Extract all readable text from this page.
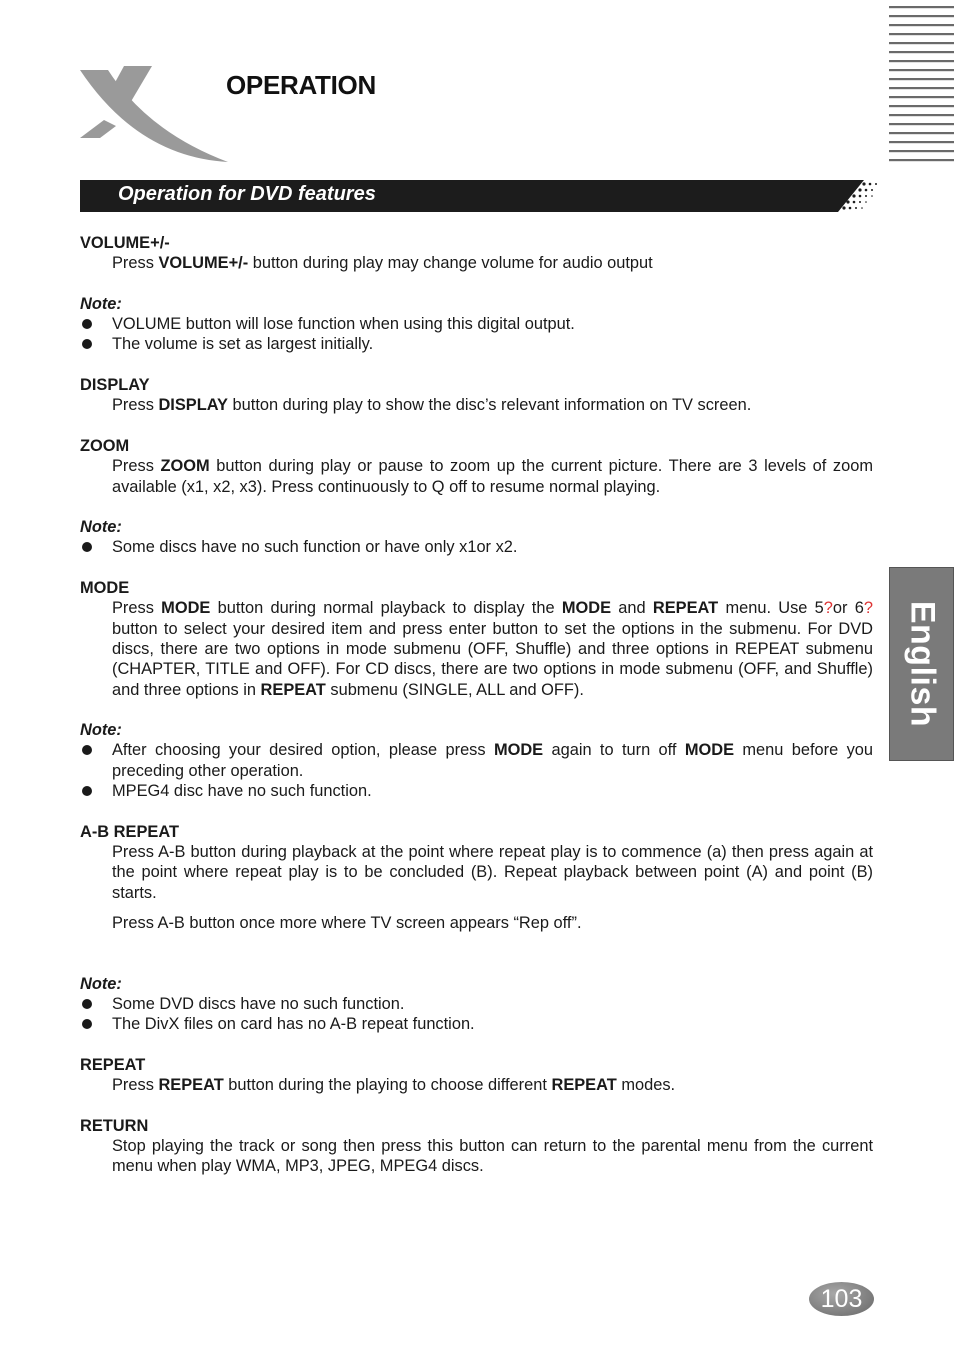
OPERATION
Operation for DVD features
English

VOLUME+/-

Press VOLUME+/- button during play may change volume for audio output

Note:

VOLUME button will lose function when using this digital output.
The volume is set as largest initially.

DISPLAY

Press DISPLAY button during play to show the disc’s relevant information on TV screen.

ZOOM

Press ZOOM button during play or pause to zoom up the current picture. There are 3 levels of zoom available (x1, x2, x3). Press continuously to Q off to resume normal playing.

Note:

Some discs have no such function or have only x1or x2.

MODE

Press MODE button during normal playback to display the MODE and REPEAT menu. Use 5?or 6?button to select your desired item and press enter button to set the options in the submenu. For DVD discs, there are two options in mode submenu (OFF, Shuffle) and three options in REPEAT submenu (CHAPTER, TITLE and OFF). For CD discs, there are two options in mode submenu (OFF, and Shuffle) and three options in REPEAT submenu (SINGLE, ALL and OFF).

Note:

After choosing your desired option, please press MODE again to turn off MODE menu before you preceding other operation.
MPEG4 disc have no such function.

A-B REPEAT

Press A-B button during playback at the point where repeat play is to commence (a) then press again at the point where repeat play is to be concluded (B). Repeat playback between point (A) and point (B) starts.

Press A-B button once more where TV screen appears “Rep off”.

Note:

Some DVD discs have no such function.
The DivX files on card has no A-B repeat function.

REPEAT

Press REPEAT button during the playing to choose different REPEAT modes.

RETURN

Stop playing the track or song then press this button can return to the parental menu from the current menu when play WMA, MP3, JPEG, MPEG4 discs.

103
